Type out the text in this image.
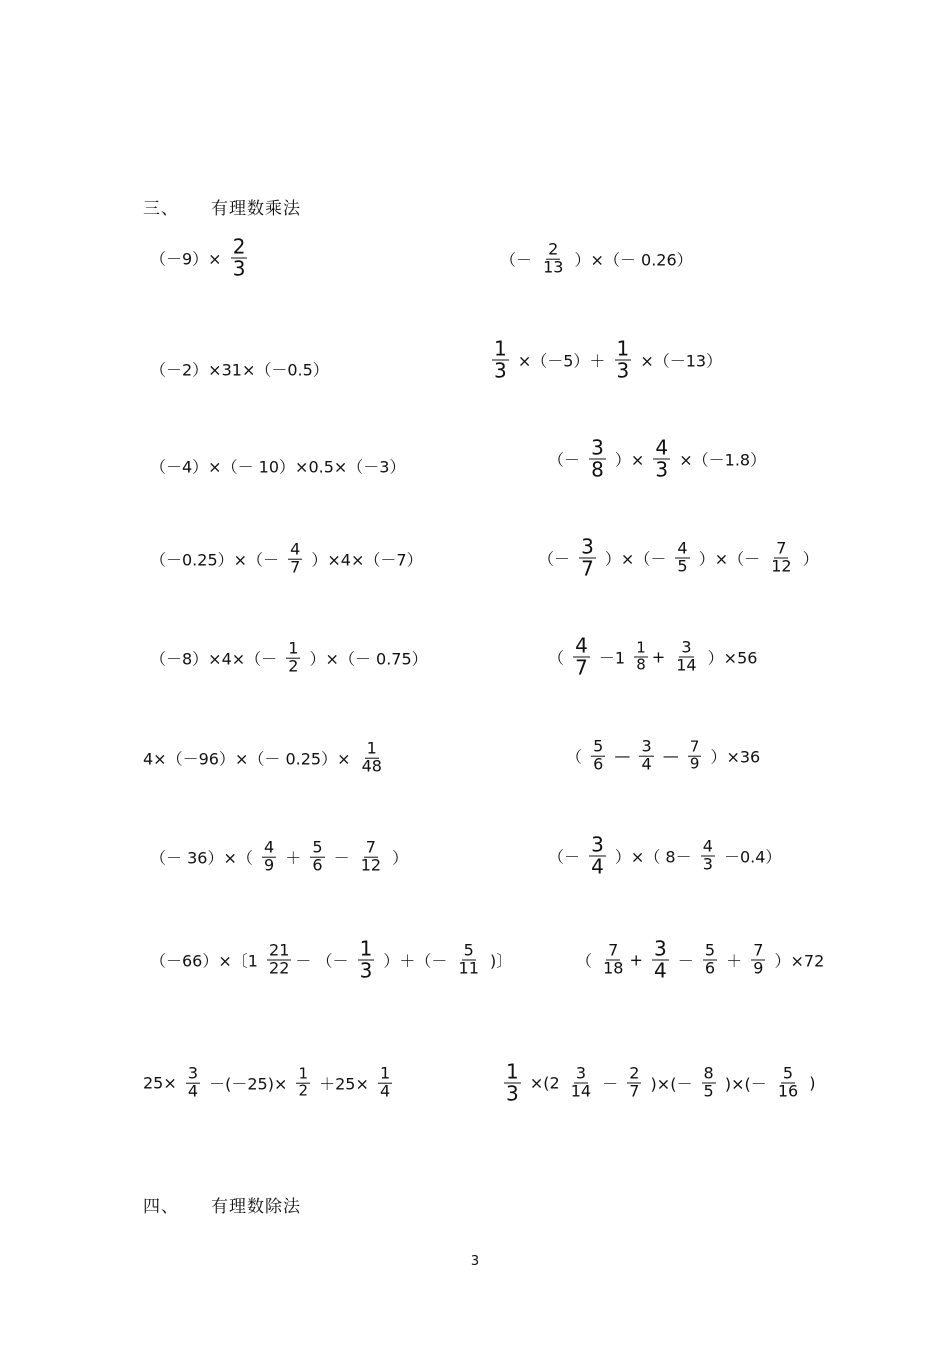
三、 有理数乘法
$(-9)\times \frac{2}{3}$	（－ $\frac{2}{13}$ ）×（－ 0.26）
（－2）×31×（－0.5）	$\frac{1}{3} \times(-5)+ \frac{1}{3} \times(-13)$
（－4）×（－ 10）×0.5×（－3）	（－ $\frac{3}{8}$ ）× $\frac{4}{3} \times(-1.8)$
$(-0.25)\times(- \frac{4}{7} )\times 4\times(-7)$	（－ $\frac{3}{7}$ ）×（－ $\frac{4}{5}$ ）×（－ $\frac{7}{12}$ ）
$(-8)\times 4\times(- \frac{1}{2}$ ）×（－ 0.75）	（ $\frac{4}{7} -1 \frac{1}{8} + \frac{3}{14} )\times 56$
$4\times(-96)\times(- 0.25)\times \frac{1}{48}$	（ $\frac{5}{6}$ — $\frac{3}{4}$ — $\frac{7}{9} )\times 36$
（－ $36)\times( \frac{4}{9} + \frac{5}{6} - \frac{7}{12}$ ）	（－ $\frac{3}{4}$ ）×（ $8- \frac{4}{3} -0.4$）
（－66）×〔$1 \frac{21}{22}$ － （－ $\frac{1}{3}$ ）＋（－ $\frac{5}{11}$ )〕	（ $\frac{7}{18} + \frac{3}{4} - \frac{5}{6} + \frac{7}{9} )\times 72$
$25\times \frac{3}{4} -(-25)\times \frac{1}{2} +25\times \frac{1}{4}$	$\frac{1}{3} \times(2 \frac{3}{14} - \frac{2}{7}$ )×(－ $\frac{8}{5}$ )×(－ $\frac{5}{16}$ )
四、 有理数除法
3
